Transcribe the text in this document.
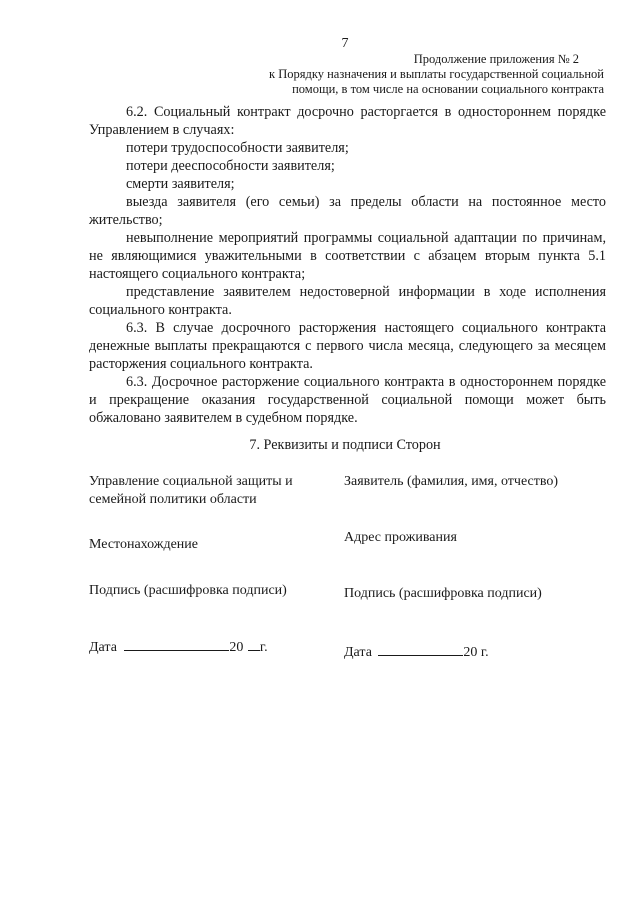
7
Продолжение приложения № 2
к Порядку назначения и выплаты государственной социальной
помощи, в том числе на основании социального контракта

6.2. Социальный контракт досрочно расторгается в одностороннем порядке Управлением в случаях:

потери трудоспособности заявителя;

потери дееспособности заявителя;

смерти заявителя;

выезда заявителя (его семьи) за пределы области на постоянное место жительство;

невыполнение мероприятий программы социальной адаптации по причинам, не являющимися уважительными в соответствии с абзацем вторым пункта 5.1 настоящего социального контракта;

представление заявителем недостоверной информации в ходе исполнения социального контракта.

6.3. В случае досрочного расторжения настоящего социального контракта денежные выплаты прекращаются с первого числа месяца, следующего за месяцем расторжения социального контракта.

6.3. Досрочное расторжение социального контракта в одностороннем порядке и прекращение оказания государственной социальной помощи может быть обжаловано заявителем в судебном порядке.

7. Реквизиты и подписи Сторон
Управление социальной защиты и
семейной политики области
Местонахождение
Подпись (расшифровка подписи)
Дата	20 г.
Заявитель (фамилия, имя, отчество)
Адрес проживания
Подпись (расшифровка подписи)
Дата	20 г.
